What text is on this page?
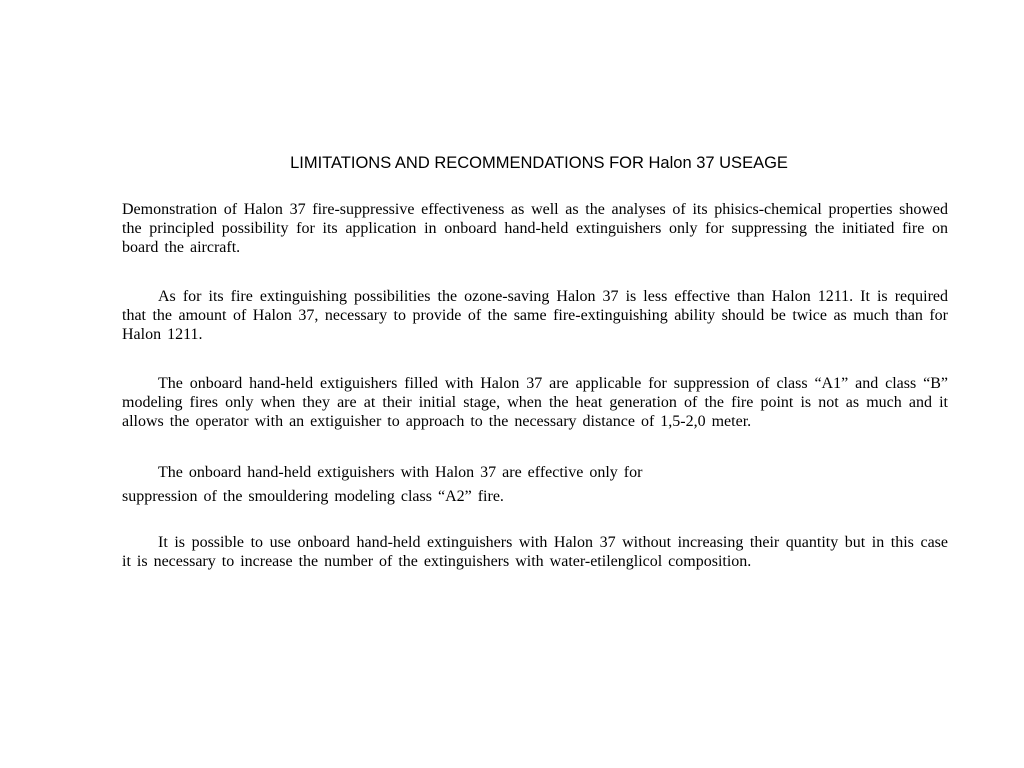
LIMITATIONS AND RECOMMENDATIONS FOR Halon 37 USEAGE

Demonstration of Halon 37 fire-suppressive effectiveness as well as the analyses of its phisics-chemical properties showed the principled possibility for its application in onboard hand-held extinguishers only for suppressing the initiated fire on board the aircraft.

As for its fire extinguishing possibilities the ozone-saving Halon 37 is less effective than Halon 1211. It is required that the amount of Halon 37, necessary to provide of the same fire-extinguishing ability should be twice as much than for Halon 1211.

The onboard hand-held extiguishers filled with Halon 37 are applicable for suppression of class “A1” and class “B” modeling fires only when they are at their initial stage, when the heat generation of the fire point is not as much and it allows the operator with an extiguisher to approach to the necessary distance of 1,5-2,0 meter.

The onboard hand-held extiguishers with Halon 37 are effective only for
suppression of the smouldering modeling class “A2” fire.

It is possible to use onboard hand-held extinguishers with Halon 37 without increasing their quantity but in this case it is necessary to increase the number of the extinguishers with water-etilenglicol composition.
